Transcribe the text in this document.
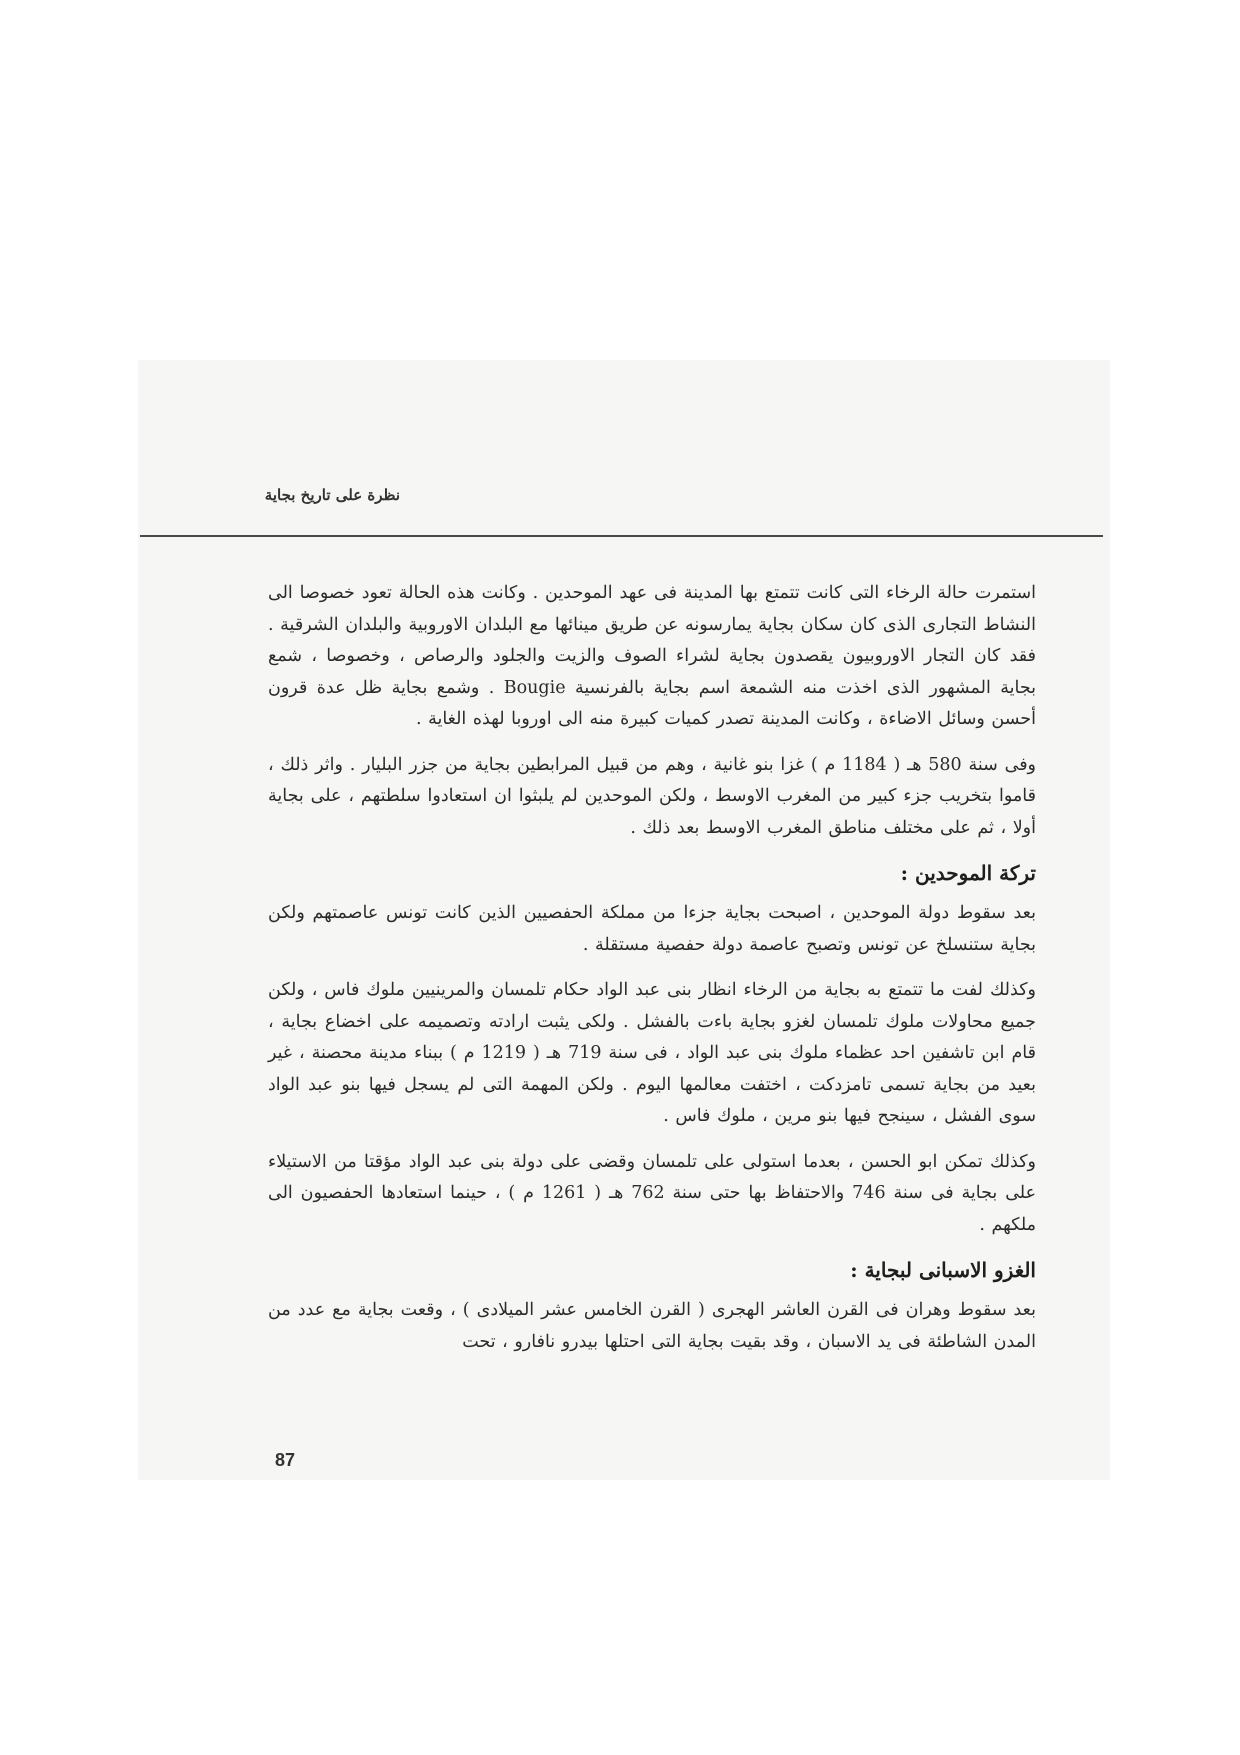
نظرة على تاريخ بجاية

استمرت حالة الرخاء التى كانت تتمتع بها المدينة فى عهد الموحدين . وكانت هذه الحالة تعود خصوصا الى النشاط التجارى الذى كان سكان بجاية يمارسونه عن طريق مينائها مع البلدان الاوروبية والبلدان الشرقية . فقد كان التجار الاوروبيون يقصدون بجاية لشراء الصوف والزيت والجلود والرصاص ، وخصوصا ، شمع بجاية المشهور الذى اخذت منه الشمعة اسم بجاية بالفرنسية Bougie . وشمع بجاية ظل عدة قرون أحسن وسائل الاضاءة ، وكانت المدينة تصدر كميات كبيرة منه الى اوروبا لهذه الغاية .

وفى سنة 580 هـ ( 1184 م ) غزا بنو غانية ، وهم من قبيل المرابطين بجاية من جزر البليار . واثر ذلك ، قاموا بتخريب جزء كبير من المغرب الاوسط ، ولكن الموحدين لم يلبثوا ان استعادوا سلطتهم ، على بجاية أولا ، ثم على مختلف مناطق المغرب الاوسط بعد ذلك .

تركة الموحدين :

بعد سقوط دولة الموحدين ، اصبحت بجاية جزءا من مملكة الحفصيين الذين كانت تونس عاصمتهم ولكن بجاية ستنسلخ عن تونس وتصبح عاصمة دولة حفصية مستقلة .

وكذلك لفت ما تتمتع به بجاية من الرخاء انظار بنى عبد الواد حكام تلمسان والمرينيين ملوك فاس ، ولكن جميع محاولات ملوك تلمسان لغزو بجاية باءت بالفشل . ولكى يثبت ارادته وتصميمه على اخضاع بجاية ، قام ابن تاشفين احد عظماء ملوك بنى عبد الواد ، فى سنة 719 هـ ( 1219 م ) ببناء مدينة محصنة ، غير بعيد من بجاية تسمى تامزدكت ، اختفت معالمها اليوم . ولكن المهمة التى لم يسجل فيها بنو عبد الواد سوى الفشل ، سينجح فيها بنو مرين ، ملوك فاس .

وكذلك تمكن ابو الحسن ، بعدما استولى على تلمسان وقضى على دولة بنى عبد الواد مؤقتا من الاستيلاء على بجاية فى سنة 746 والاحتفاظ بها حتى سنة 762 هـ ( 1261 م ) ، حينما استعادها الحفصيون الى ملكهم .

الغزو الاسبانى لبجاية :

بعد سقوط وهران فى القرن العاشر الهجرى ( القرن الخامس عشر الميلادى ) ، وقعت بجاية مع عدد من المدن الشاطئة فى يد الاسبان ، وقد بقيت بجاية التى احتلها بيدرو نافارو ، تحت

87
